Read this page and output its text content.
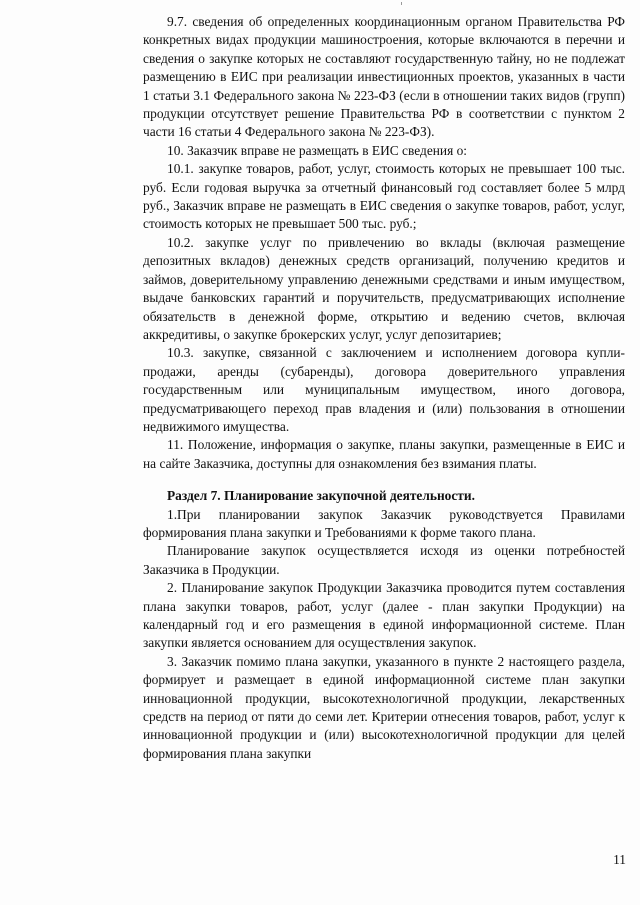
9.7. сведения об определенных координационным органом Правительства РФ конкретных видах продукции машиностроения, которые включаются в перечни и сведения о закупке которых не составляют государственную тайну, но не подлежат размещению в ЕИС при реализации инвестиционных проектов, указанных в части 1 статьи 3.1 Федерального закона № 223-ФЗ (если в отношении таких видов (групп) продукции отсутствует решение Правительства РФ в соответствии с пунктом 2 части 16 статьи 4 Федерального закона № 223-ФЗ).

10. Заказчик вправе не размещать в ЕИС сведения о:

10.1. закупке товаров, работ, услуг, стоимость которых не превышает 100 тыс. руб. Если годовая выручка за отчетный финансовый год составляет более 5 млрд руб., Заказчик вправе не размещать в ЕИС сведения о закупке товаров, работ, услуг, стоимость которых не превышает 500 тыс. руб.;

10.2. закупке услуг по привлечению во вклады (включая размещение депозитных вкладов) денежных средств организаций, получению кредитов и займов, доверительному управлению денежными средствами и иным имуществом, выдаче банковских гарантий и поручительств, предусматривающих исполнение обязательств в денежной форме, открытию и ведению счетов, включая аккредитивы, о закупке брокерских услуг, услуг депозитариев;

10.3. закупке, связанной с заключением и исполнением договора купли-продажи, аренды (субаренды), договора доверительного управления государственным или муниципальным имуществом, иного договора, предусматривающего переход прав владения и (или) пользования в отношении недвижимого имущества.

11. Положение, информация о закупке, планы закупки, размещенные в ЕИС и на сайте Заказчика, доступны для ознакомления без взимания платы.

Раздел 7. Планирование закупочной деятельности.

1.При планировании закупок Заказчик руководствуется Правилами формирования плана закупки и Требованиями к форме такого плана.

Планирование закупок осуществляется исходя из оценки потребностей Заказчика в Продукции.

2. Планирование закупок Продукции Заказчика проводится путем составления плана закупки товаров, работ, услуг (далее - план закупки Продукции) на календарный год и его размещения в единой информационной системе. План закупки является основанием для осуществления закупок.

3. Заказчик помимо плана закупки, указанного в пункте 2 настоящего раздела, формирует и размещает в единой информационной системе план закупки инновационной продукции, высокотехнологичной продукции, лекарственных средств на период от пяти до семи лет. Критерии отнесения товаров, работ, услуг к инновационной продукции и (или) высокотехнологичной продукции для целей формирования плана закупки

11
